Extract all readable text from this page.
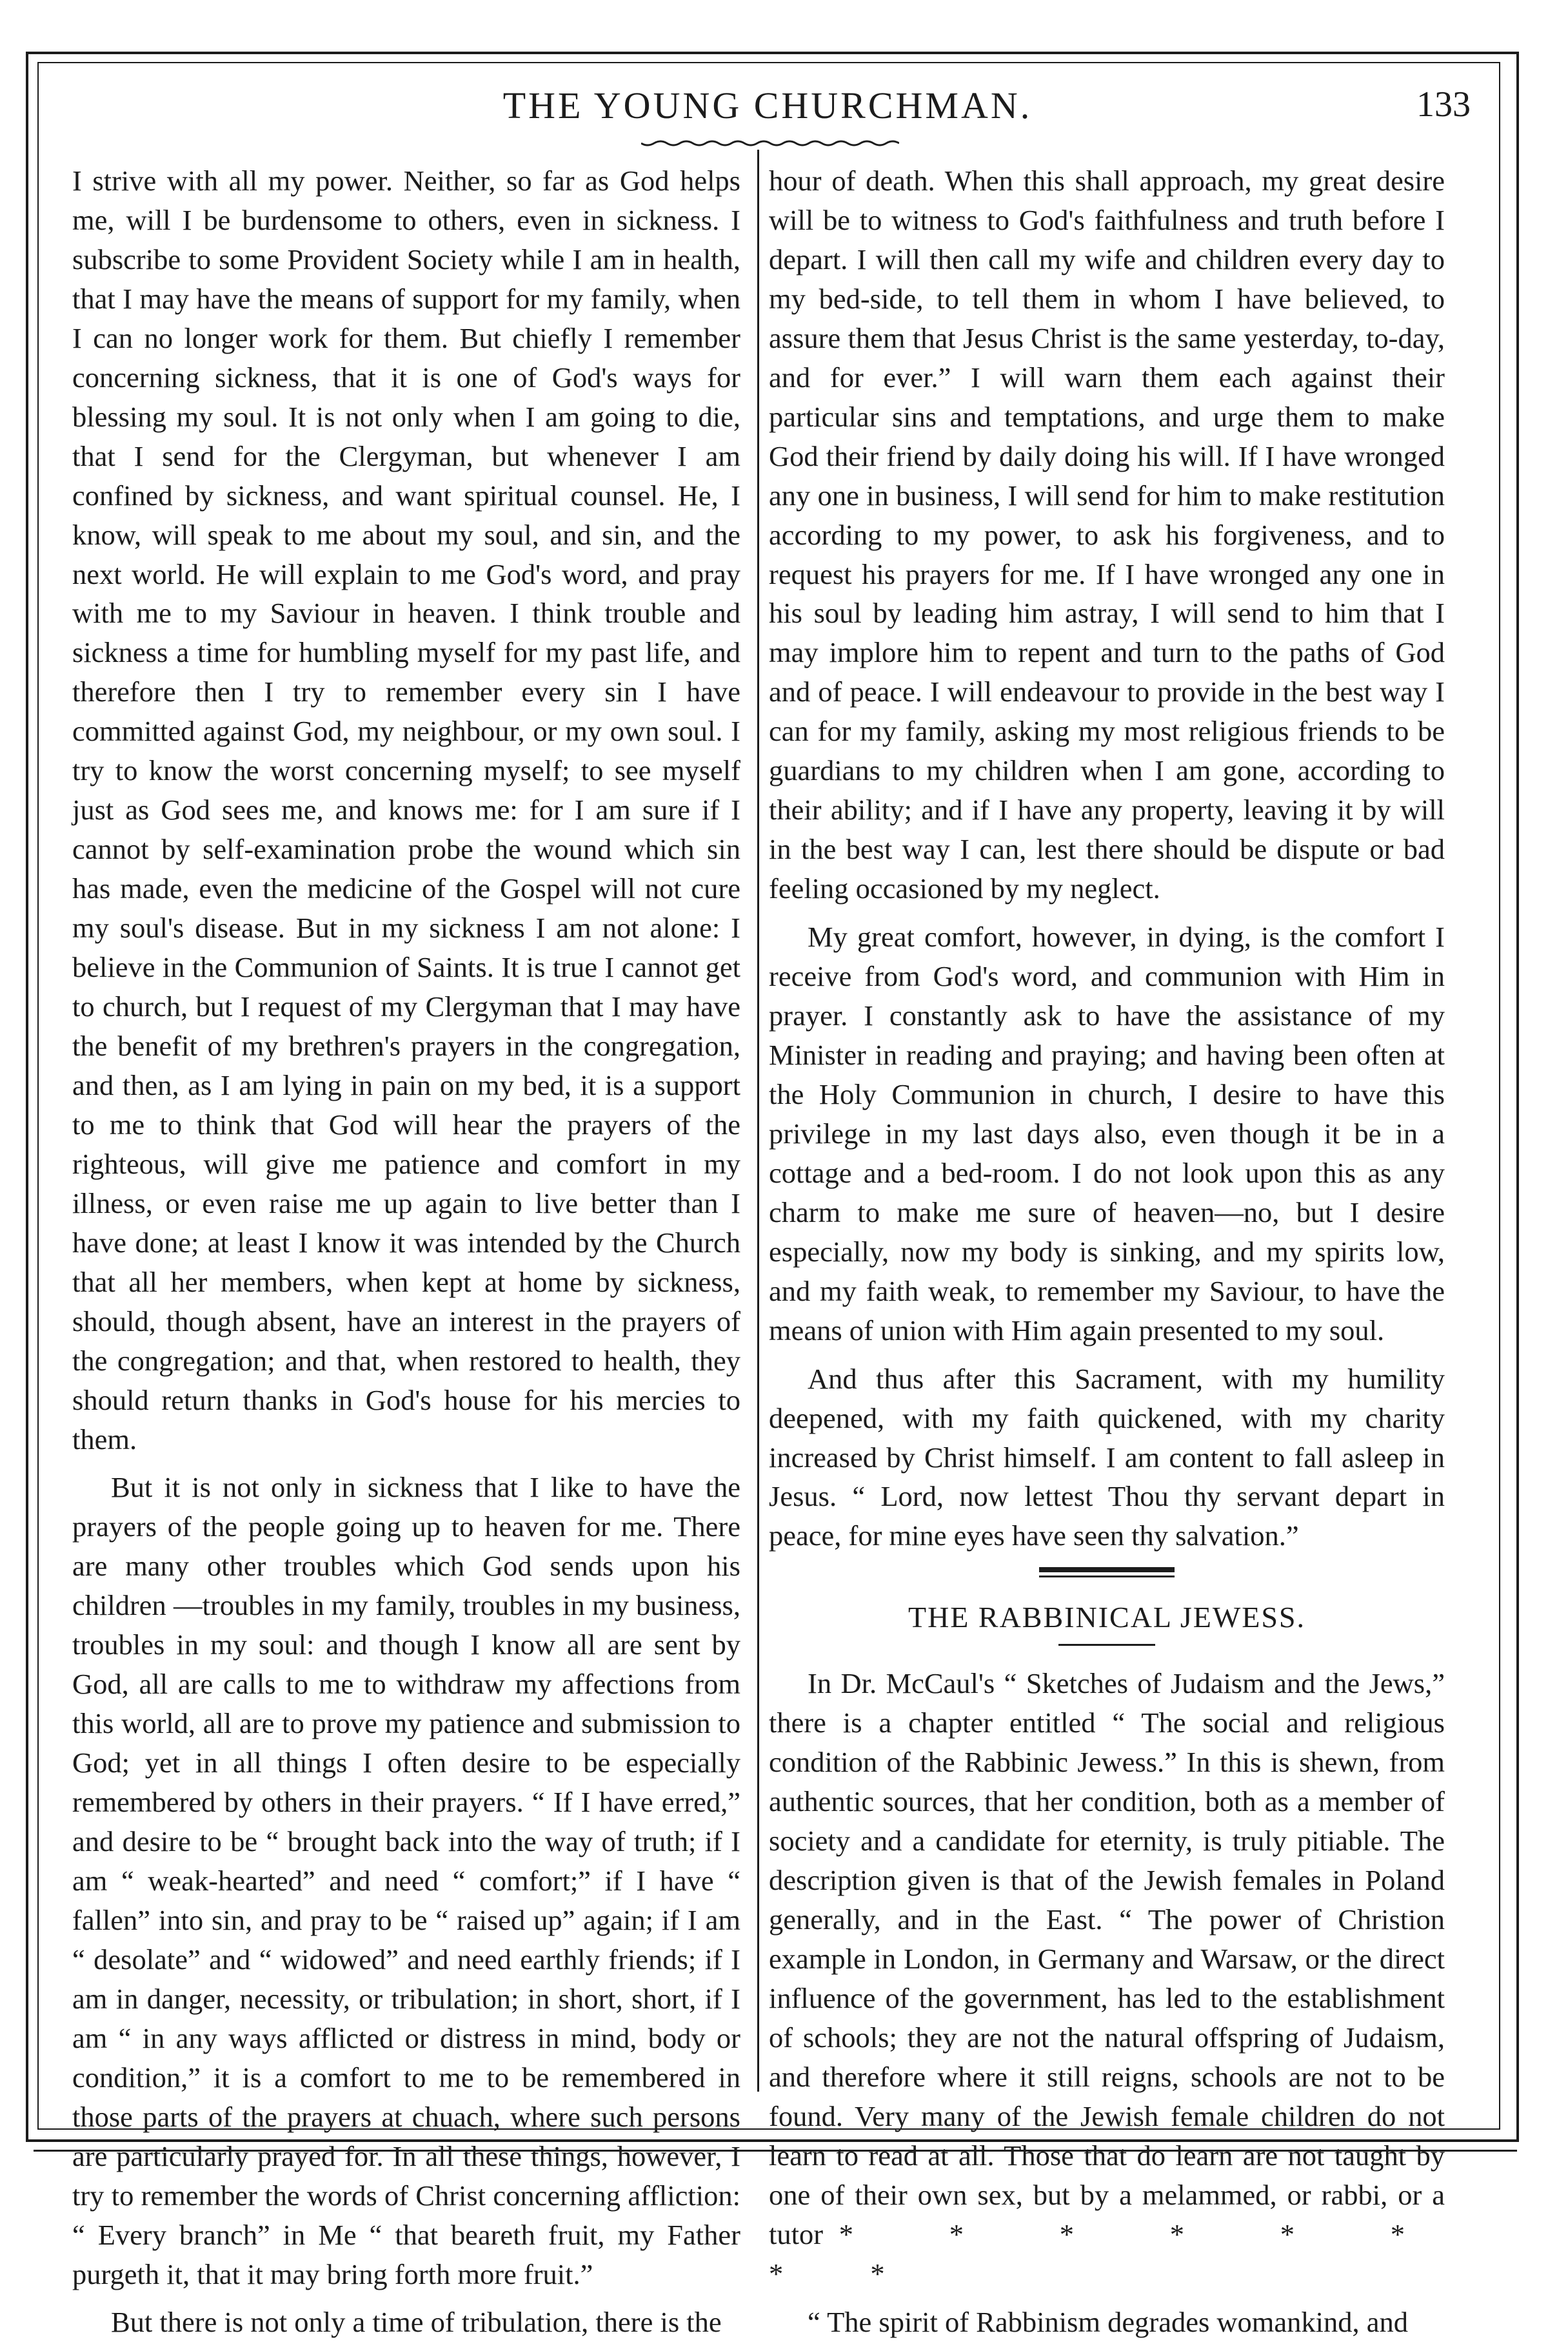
THE YOUNG CHURCHMAN.	133

I strive with all my power. Neither, so far as God helps me, will I be burdensome to others, even in sickness. I subscribe to some Provident Society while I am in health, that I may have the means of support for my family, when I can no longer work for them. But chiefly I remember concerning sickness, that it is one of God's ways for blessing my soul. It is not only when I am going to die, that I send for the Clergyman, but whenever I am confined by sickness, and want spiritual counsel. He, I know, will speak to me about my soul, and sin, and the next world. He will explain to me God's word, and pray with me to my Saviour in heaven. I think trouble and sickness a time for humbling myself for my past life, and therefore then I try to remember every sin I have committed against God, my neighbour, or my own soul. I try to know the worst concerning myself; to see myself just as God sees me, and knows me: for I am sure if I cannot by self-examination probe the wound which sin has made, even the medicine of the Gospel will not cure my soul's disease. But in my sickness I am not alone: I believe in the Communion of Saints. It is true I cannot get to church, but I request of my Clergyman that I may have the benefit of my brethren's prayers in the congregation, and then, as I am lying in pain on my bed, it is a support to me to think that God will hear the prayers of the righteous, will give me patience and comfort in my illness, or even raise me up again to live better than I have done; at least I know it was intended by the Church that all her members, when kept at home by sickness, should, though absent, have an interest in the prayers of the congregation; and that, when restored to health, they should return thanks in God's house for his mercies to them.

But it is not only in sickness that I like to have the prayers of the people going up to heaven for me. There are many other troubles which God sends upon his children —troubles in my family, troubles in my business, troubles in my soul: and though I know all are sent by God, all are calls to me to withdraw my affections from this world, all are to prove my patience and submission to God; yet in all things I often desire to be especially remembered by others in their prayers. “ If I have erred,” and desire to be “ brought back into the way of truth; if I am “ weak-hearted” and need “ comfort;” if I have “ fallen” into sin, and pray to be “ raised up” again; if I am “ desolate” and “ widowed” and need earthly friends; if I am in danger, necessity, or tribulation; in short, short, if I am “ in any ways afflicted or distress in mind, body or condition,” it is a comfort to me to be remembered in those parts of the prayers at chuach, where such persons are particularly prayed for. In all these things, however, I try to remember the words of Christ concerning affliction: “ Every branch” in Me “ that beareth fruit, my Father purgeth it, that it may bring forth more fruit.”

But there is not only a time of tribulation, there is the

hour of death. When this shall approach, my great desire will be to witness to God's faithfulness and truth before I depart. I will then call my wife and children every day to my bed-side, to tell them in whom I have believed, to assure them that Jesus Christ is the same yesterday, to-day, and for ever.” I will warn them each against their particular sins and temptations, and urge them to make God their friend by daily doing his will. If I have wronged any one in business, I will send for him to make restitution according to my power, to ask his forgiveness, and to request his prayers for me. If I have wronged any one in his soul by leading him astray, I will send to him that I may implore him to repent and turn to the paths of God and of peace. I will endeavour to provide in the best way I can for my family, asking my most religious friends to be guardians to my children when I am gone, according to their ability; and if I have any property, leaving it by will in the best way I can, lest there should be dispute or bad feeling occasioned by my neglect.

My great comfort, however, in dying, is the comfort I receive from God's word, and communion with Him in prayer. I constantly ask to have the assistance of my Minister in reading and praying; and having been often at the Holy Communion in church, I desire to have this privilege in my last days also, even though it be in a cottage and a bed-room. I do not look upon this as any charm to make me sure of heaven—no, but I desire especially, now my body is sinking, and my spirits low, and my faith weak, to remember my Saviour, to have the means of union with Him again presented to my soul.

And thus after this Sacrament, with my humility deepened, with my faith quickened, with my charity increased by Christ himself. I am content to fall asleep in Jesus. “ Lord, now lettest Thou thy servant depart in peace, for mine eyes have seen thy salvation.”

THE RABBINICAL JEWESS.

In Dr. McCaul's “ Sketches of Judaism and the Jews,” there is a chapter entitled “ The social and religious condition of the Rabbinic Jewess.” In this is shewn, from authentic sources, that her condition, both as a member of society and a candidate for eternity, is truly pitiable. The description given is that of the Jewish females in Poland generally, and in the East. “ The power of Christion example in London, in Germany and Warsaw, or the direct influence of the government, has led to the establishment of schools; they are not the natural offspring of Judaism, and therefore where it still reigns, schools are not to be found. Very many of the Jewish female children do not learn to read at all. Those that do learn are not taught by one of their own sex, but by a melammed, or rabbi, or a tutor * * * * * * * *

“ The spirit of Rabbinism degrades womankind, and
